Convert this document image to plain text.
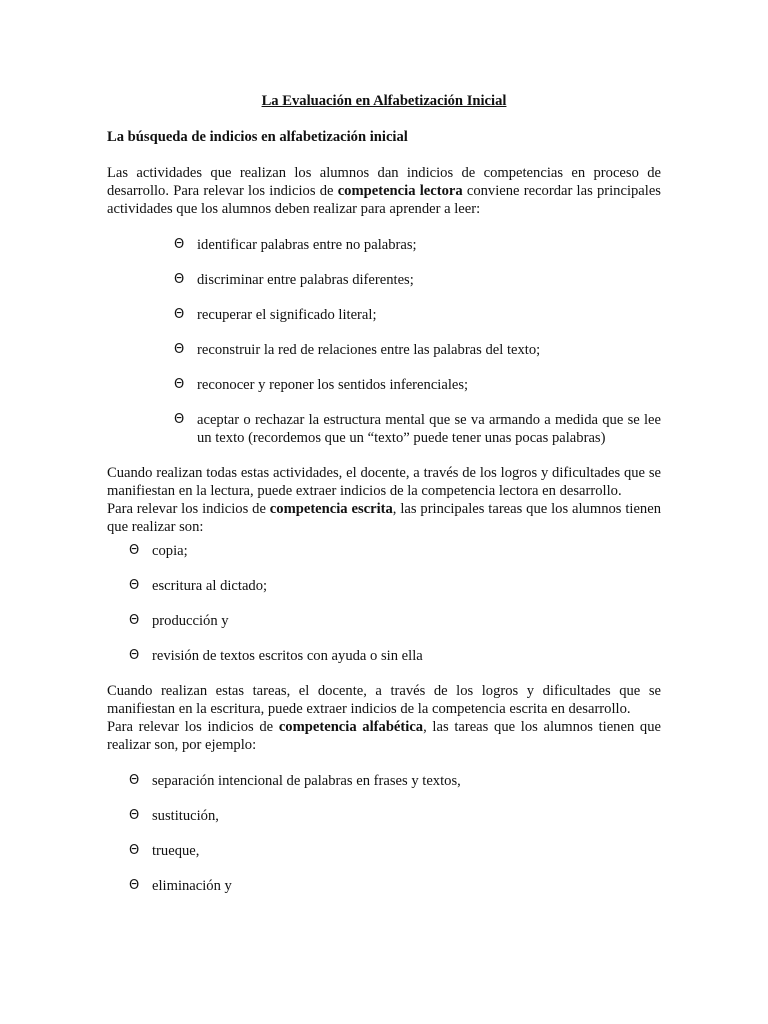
La Evaluación en Alfabetización Inicial

La búsqueda de indicios en alfabetización inicial

Las actividades que realizan los alumnos dan indicios de competencias en proceso de desarrollo. Para relevar los indicios de competencia lectora conviene recordar las principales actividades que los alumnos deben realizar para aprender a leer:

Θ identificar palabras entre no palabras;
Θ discriminar entre palabras diferentes;
Θ recuperar el significado literal;
Θ reconstruir la red de relaciones entre las palabras del texto;
Θ reconocer y reponer los sentidos inferenciales;
Θ aceptar o rechazar la estructura mental que se va armando a medida que se lee un texto (recordemos que un “texto” puede tener unas pocas palabras)

Cuando realizan todas estas actividades, el docente, a través de los logros y dificultades que se manifiestan en la lectura, puede extraer indicios de la competencia lectora en desarrollo.

Para relevar los indicios de competencia escrita, las principales tareas que los alumnos tienen que realizar son:

Θ copia;
Θ escritura al dictado;
Θ producción y
Θ revisión de textos escritos con ayuda o sin ella

Cuando realizan estas tareas, el docente, a través de los logros y dificultades que se manifiestan en la escritura, puede extraer indicios de la competencia escrita en desarrollo.

Para relevar los indicios de competencia alfabética, las tareas que los alumnos tienen que realizar son, por ejemplo:

Θ separación intencional de palabras en frases y textos,
Θ sustitución,
Θ trueque,
Θ eliminación y
